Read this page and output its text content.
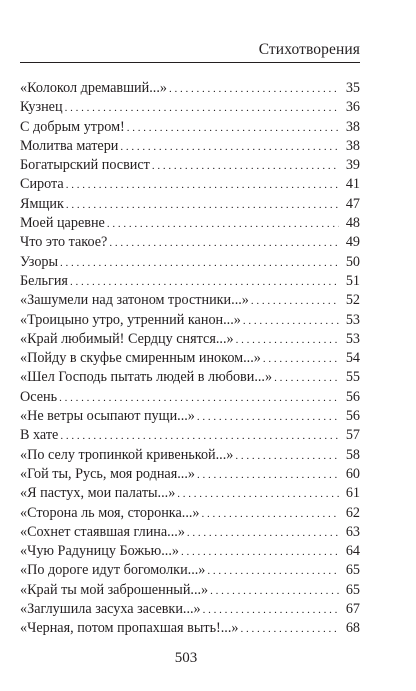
Стихотворения
«Колокол дремавший...» . . .	35
Кузнец . . .	36
С добрым утром! . . .	38
Молитва матери . . .	38
Богатырский посвист . . .	39
Сирота . . .	41
Ямщик . . .	47
Моей царевне . . .	48
Что это такое? . . .	49
Узоры . . .	50
Бельгия . . .	51
«Зашумели над затоном тростники...» . . .	52
«Троицыно утро, утренний канон...» . . .	53
«Край любимый! Сердцу снятся...» . . .	53
«Пойду в скуфье смиренным иноком...» . . .	54
«Шел Господь пытать людей в любови...» . . .	55
Осень . . .	56
«Не ветры осыпают пущи...» . . .	56
В хате . . .	57
«По селу тропинкой кривенькой...» . . .	58
«Гой ты, Русь, моя родная...» . . .	60
«Я пастух, мои палаты...» . . .	61
«Сторона ль моя, сторонка...» . . .	62
«Сохнет стаявшая глина...» . . .	63
«Чую Радуницу Божью...» . . .	64
«По дороге идут богомолки...» . . .	65
«Край ты мой заброшенный...» . . .	65
«Заглушила засуха засевки...» . . .	67
«Черная, потом пропахшая выть!...» . . .	68
503
